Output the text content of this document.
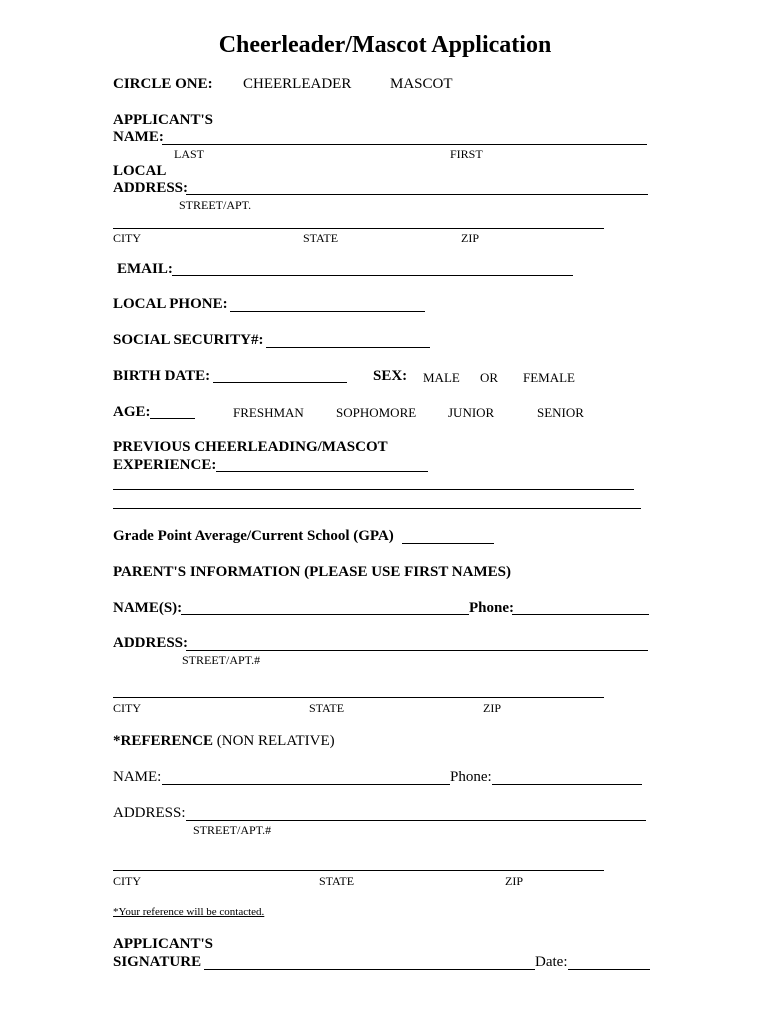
Cheerleader/Mascot Application
CIRCLE ONE: CHEERLEADER	MASCOT
APPLICANT'S
NAME:
LAST	FIRST
LOCAL
ADDRESS:
STREET/APT.
CITY	STATE	ZIP
EMAIL:
LOCAL PHONE:
SOCIAL SECURITY#:
BIRTH DATE:	SEX: MALE OR FEMALE
AGE:	FRESHMAN SOPHOMORE JUNIOR	SENIOR
PREVIOUS CHEERLEADING/MASCOT
EXPERIENCE:
Grade Point Average/Current School (GPA)
PARENT'S INFORMATION (PLEASE USE FIRST NAMES)
NAME(S):	Phone:
ADDRESS:
STREET/APT.#
CITY	STATE	ZIP
*REFERENCE (NON RELATIVE)
NAME:	Phone:
ADDRESS:
STREET/APT.#
CITY	STATE	ZIP
*Your reference will be contacted.
APPLICANT'S
SIGNATURE	Date:
